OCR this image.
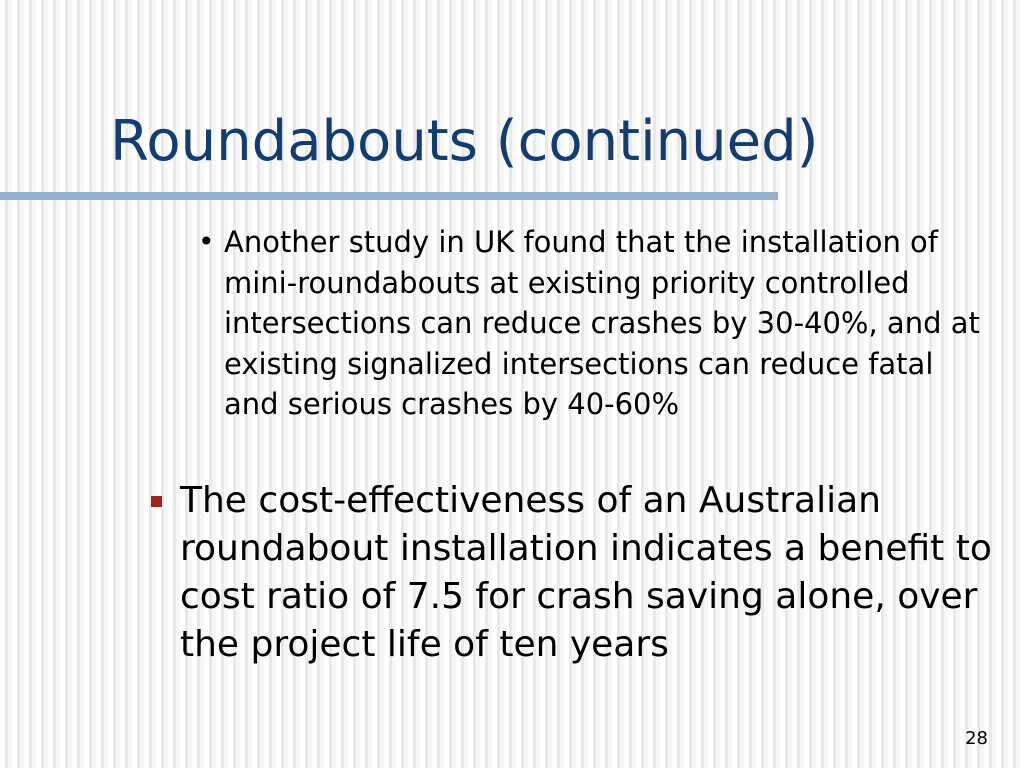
Roundabouts (continued)
• Another study in UK found that the installation of mini-roundabouts at existing priority controlled intersections can reduce crashes by 30-40%, and at existing signalized intersections can reduce fatal and serious crashes by 40-60%
The cost-effectiveness of an Australian roundabout installation indicates a benefit to cost ratio of 7.5 for crash saving alone, over the project life of ten years
28
